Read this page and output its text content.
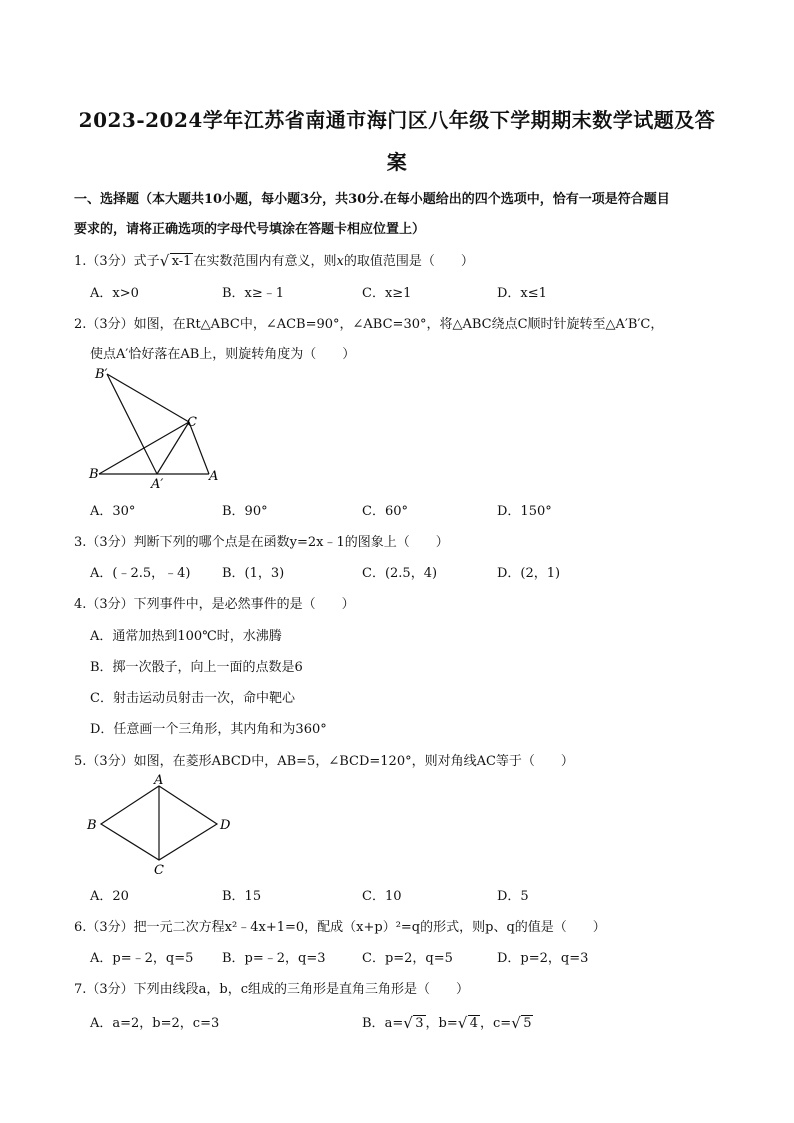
2023-2024学年江苏省南通市海门区八年级下学期期末数学试题及答
案
一、选择题（本大题共10小题，每小题3分，共30分.在每小题给出的四个选项中，恰有一项是符合题目
要求的，请将正确选项的字母代号填涂在答题卡相应位置上）
1.（3分）式子 √ x-1 在实数范围内有意义，则x的取值范围是（　　）
A．x>0	B．x≥﹣1	C．x≥1	D．x≤1
2.（3分）如图，在Rt△ABC中，∠ACB=90°，∠ABC=30°，将△ABC绕点C顺时针旋转至△A′B′C，
使点A′恰好落在AB上，则旋转角度为（　　）
B′
C
B
A′
A
A．30°	B．90°	C．60°	D．150°
3.（3分）判断下列的哪个点是在函数y=2x﹣1的图象上（　　）
A．(﹣2.5，﹣4) B．(1，3)	C．(2.5，4)	D．(2，1)
4.（3分）下列事件中，是必然事件的是（　　）
A．通常加热到100℃时，水沸腾
B．掷一次骰子，向上一面的点数是6
C．射击运动员射击一次，命中靶心
D．任意画一个三角形，其内角和为360°
5.（3分）如图，在菱形ABCD中，AB=5，∠BCD=120°，则对角线AC等于（　　）
A
B
C
D
A．20	B．15	C．10	D．5
6.（3分）把一元二次方程x²﹣4x+1=0，配成（x+p）²=q的形式，则p、q的值是（　　）
A．p=﹣2，q=5 B．p=﹣2，q=3	C．p=2，q=5	D．p=2，q=3
7.（3分）下列由线段a，b，c组成的三角形是直角三角形是（　　）
A．a=2，b=2，c=3	B．a= √ 3 ，b= √ 4 ，c= √ 5
